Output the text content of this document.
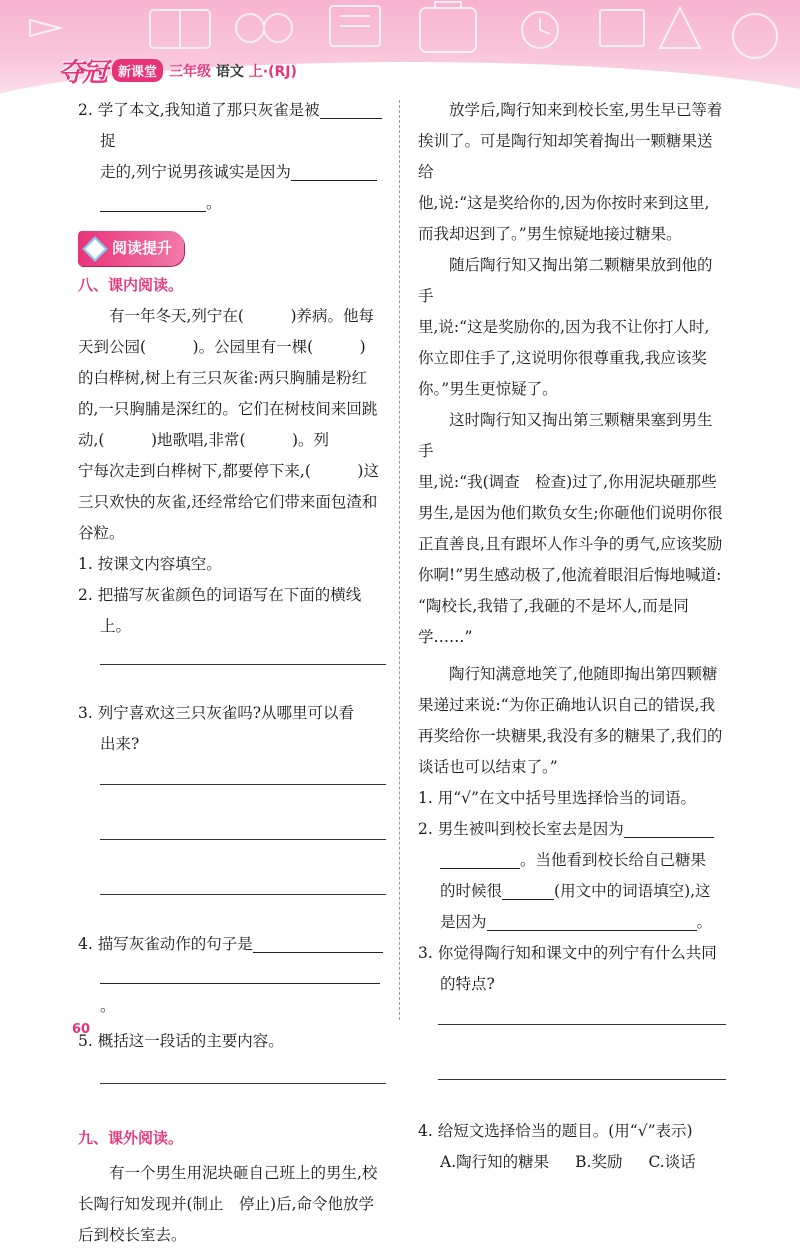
夺冠 新课堂 三年级 语文 上·(RJ)

2. 学了本文,我知道了那只灰雀是被捉
走的,列宁说男孩诚实是因为
。

阅读提升

八、课内阅读。

有一年冬天,列宁在(　　　)养病。他每

天到公园(　　　)。公园里有一棵(　　　)

的白桦树,树上有三只灰雀:两只胸脯是粉红

的,一只胸脯是深红的。它们在树枝间来回跳

动,(　　　)地歌唱,非常(　　　)。列

宁每次走到白桦树下,都要停下来,(　　　)这

三只欢快的灰雀,还经常给它们带来面包渣和

谷粒。

1. 按课文内容填空。

2. 把描写灰雀颜色的词语写在下面的横线上。

3. 列宁喜欢这三只灰雀吗?从哪里可以看
出来?

4. 描写灰雀动作的句子是
。

5. 概括这一段话的主要内容。

九、课外阅读。

有一个男生用泥块砸自己班上的男生,校

长陶行知发现并(制止　停止)后,命令他放学

后到校长室去。

放学后,陶行知来到校长室,男生早已等着

挨训了。可是陶行知却笑着掏出一颗糖果送给

他,说:“这是奖给你的,因为你按时来到这里,

而我却迟到了。”男生惊疑地接过糖果。

随后陶行知又掏出第二颗糖果放到他的手

里,说:“这是奖励你的,因为我不让你打人时,

你立即住手了,这说明你很尊重我,我应该奖

你。”男生更惊疑了。

这时陶行知又掏出第三颗糖果塞到男生手

里,说:“我(调查　检查)过了,你用泥块砸那些

男生,是因为他们欺负女生;你砸他们说明你很

正直善良,且有跟坏人作斗争的勇气,应该奖励

你啊!”男生感动极了,他流着眼泪后悔地喊道:

“陶校长,我错了,我砸的不是坏人,而是同

学……”

陶行知满意地笑了,他随即掏出第四颗糖

果递过来说:“为你正确地认识自己的错误,我

再奖给你一块糖果,我没有多的糖果了,我们的

谈话也可以结束了。”

1. 用“√”在文中括号里选择恰当的词语。

2. 男生被叫到校长室去是因为
。当他看到校长给自己糖果
的时候很	(用文中的词语填空),这
是因为	。

3. 你觉得陶行知和课文中的列宁有什么共同
的特点?

4. 给短文选择恰当的题目。(用“√”表示)

A.陶行知的糖果 B.奖励 C.谈话
60
